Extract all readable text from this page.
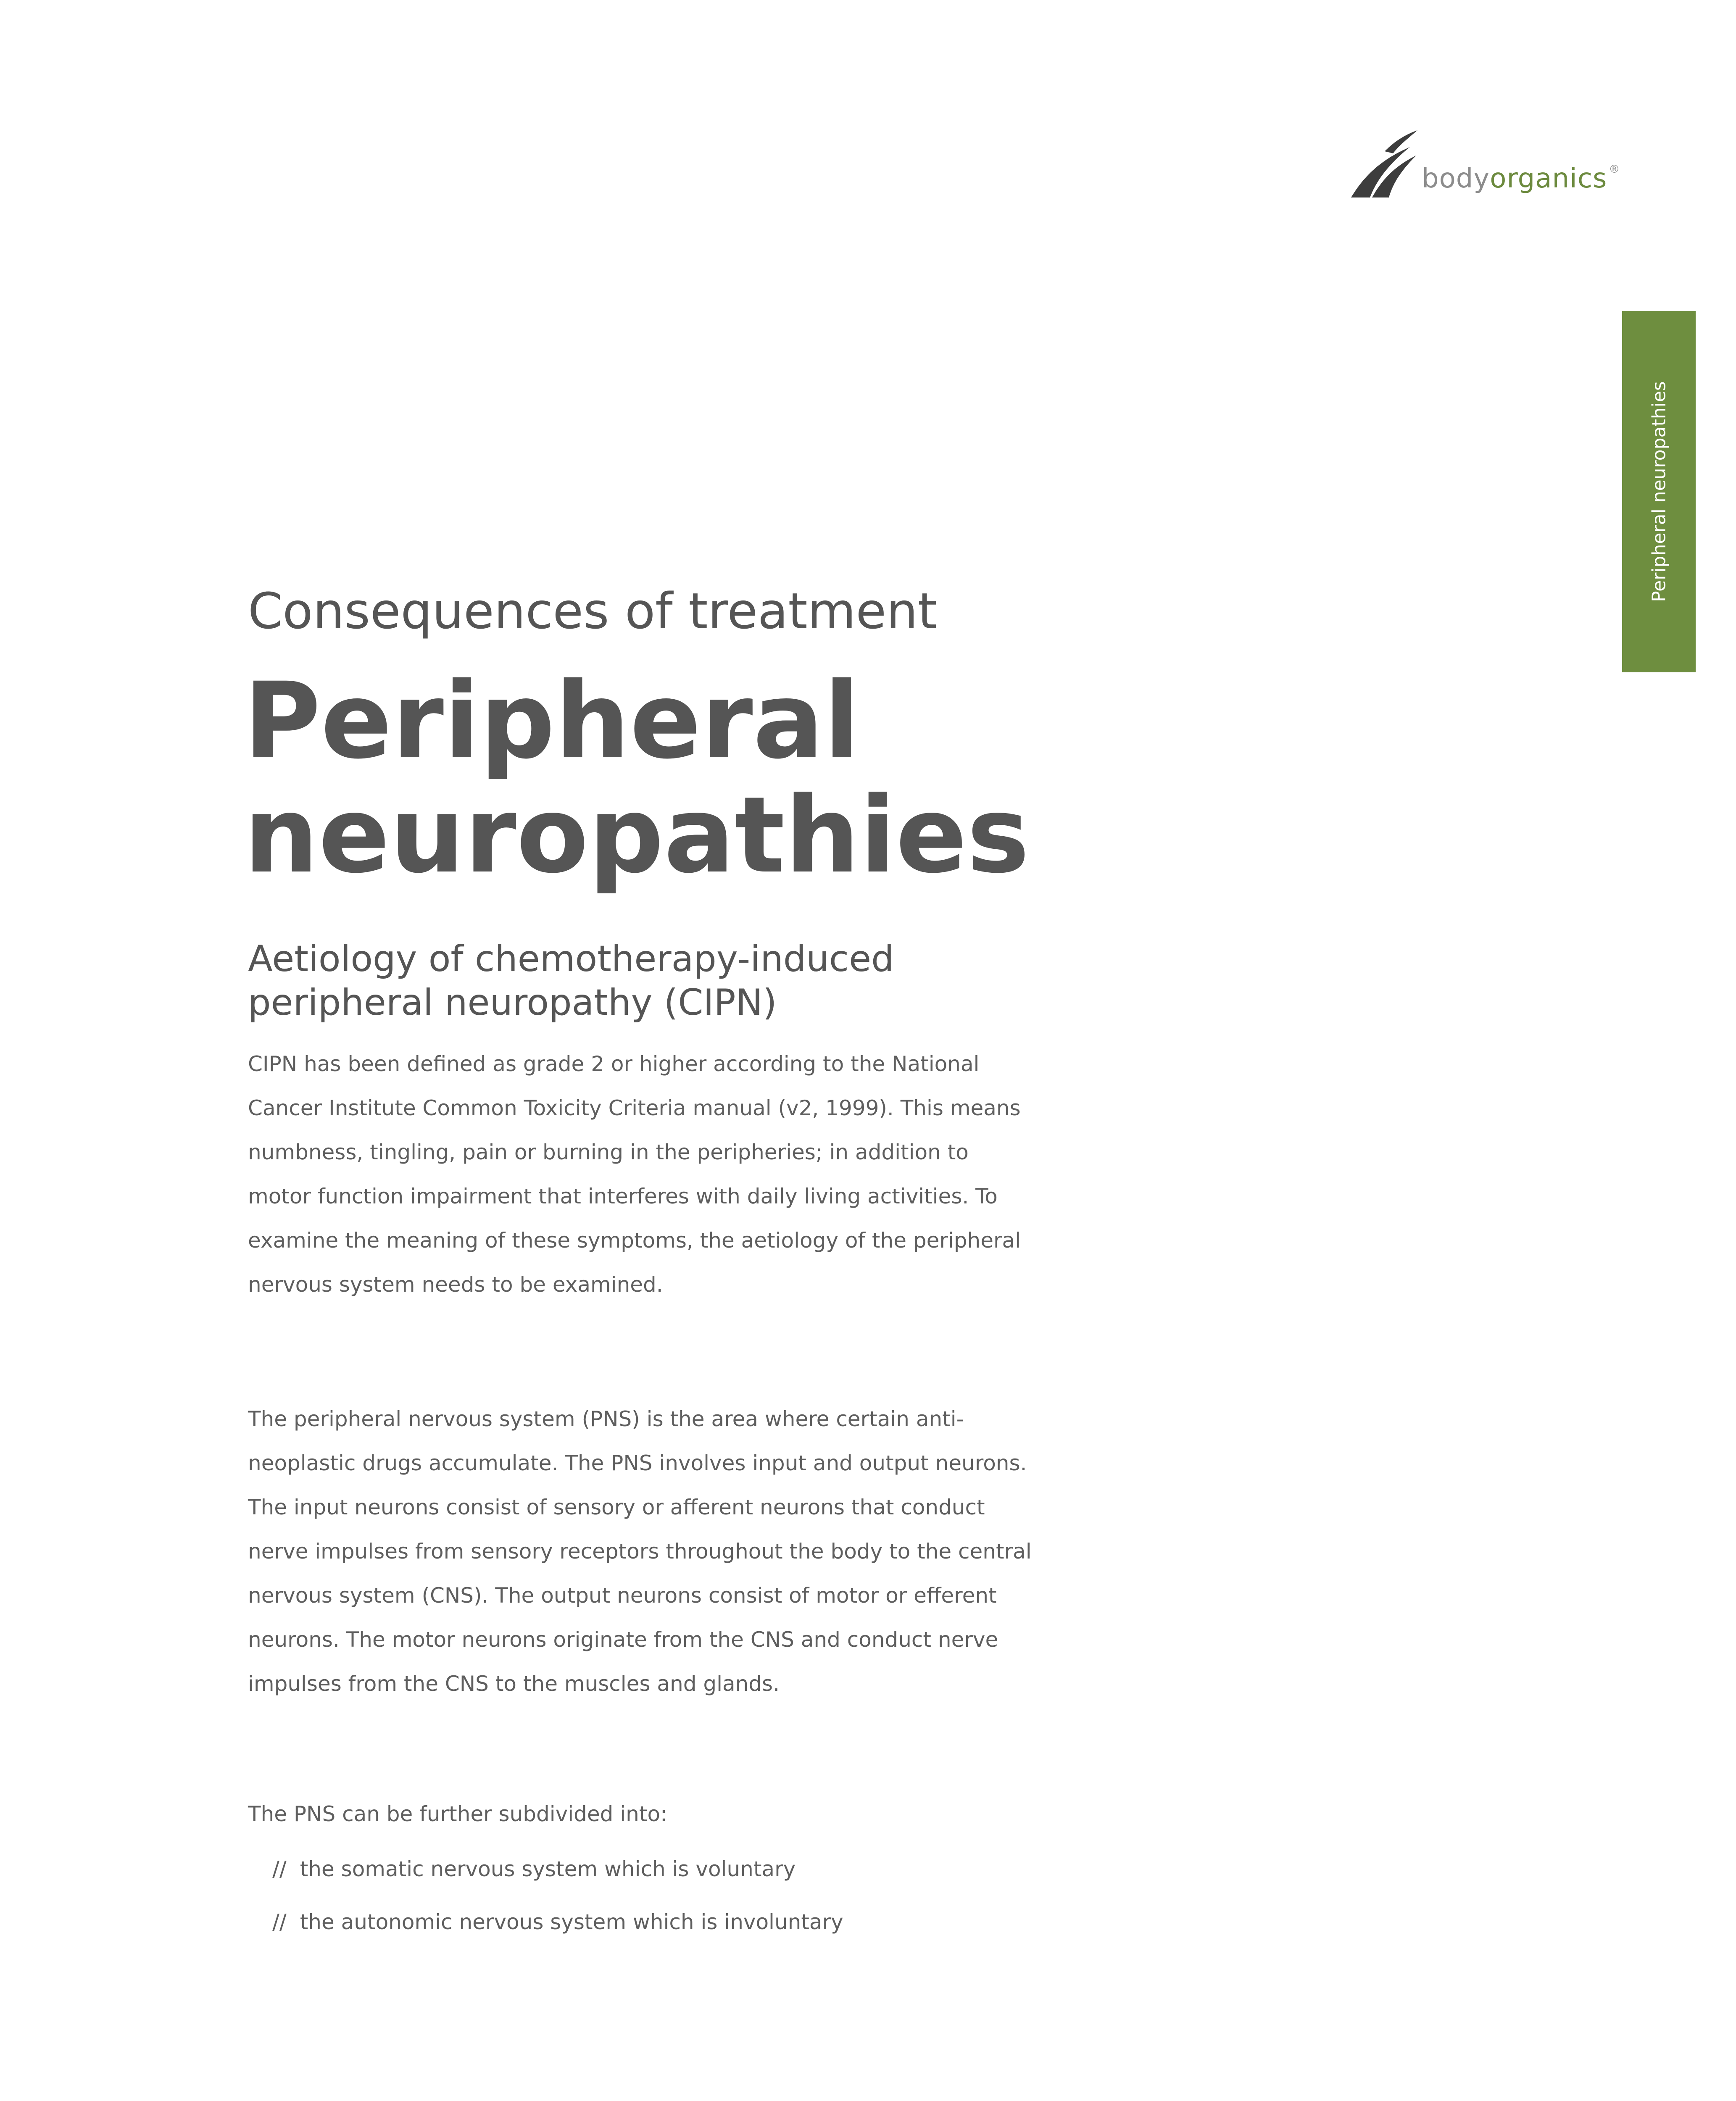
bodyorganics ®
Peripheral neuropathies
Consequences of treatment
Peripheral
neuropathies
Aetiology of chemotherapy-induced
peripheral neuropathy (CIPN)

CIPN has been defined as grade 2 or higher according to the National Cancer Institute Common Toxicity Criteria manual (v2, 1999). This means numbness, tingling, pain or burning in the peripheries; in addition to motor function impairment that interferes with daily living activities. To examine the meaning of these symptoms, the aetiology of the peripheral nervous system needs to be examined.

The peripheral nervous system (PNS) is the area where certain anti-neoplastic drugs accumulate. The PNS involves input and output neurons. The input neurons consist of sensory or afferent neurons that conduct nerve impulses from sensory receptors throughout the body to the central nervous system (CNS). The output neurons consist of motor or efferent neurons. The motor neurons originate from the CNS and conduct nerve impulses from the CNS to the muscles and glands.

The PNS can be further subdivided into:

// the somatic nervous system which is voluntary
// the autonomic nervous system which is involuntary
